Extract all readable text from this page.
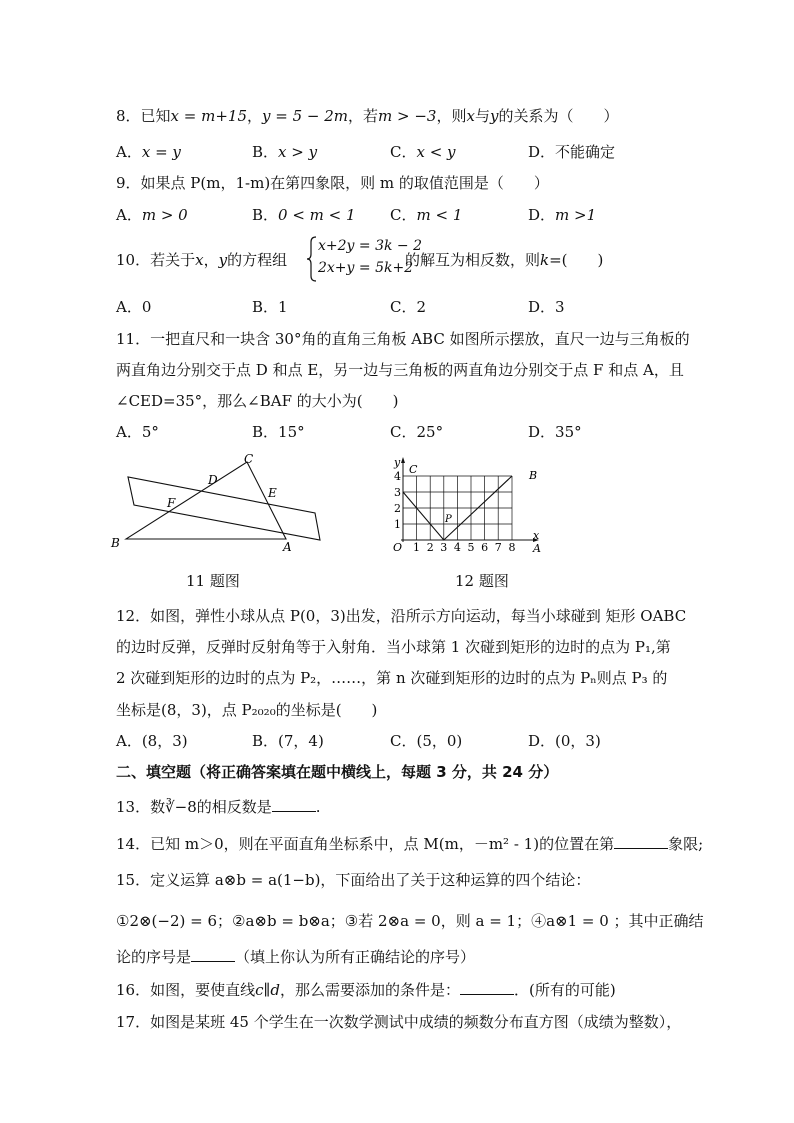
8．已知x = m+15，y = 5 − 2m，若m > −3，则x与y的关系为（　　）
A．x = y	B．x > y	C．x < y	D．不能确定
9．如果点 P(m，1-m)在第四象限，则 m 的取值范围是（　　）
A．m > 0	B．0 < m < 1 C．m < 1	D．m >1
10．若关于x，y的方程组
x+2y = 3k − 2
2x+y = 5k+2
的解互为相反数，则k=(　　)
A．0	B．1	C．2	D．3
11．一把直尺和一块含 30°角的直角三角板 ABC 如图所示摆放，直尺一边与三角板的
两直角边分别交于点 D 和点 E，另一边与三角板的两直角边分别交于点 F 和点 A，且
∠CED=35°，那么∠BAF 的大小为(　　)
A．5°	B．15°	C．25°	D．35°
C
D
E
F
B	A
11 题图
y
x
4
3
2
1
O 1 2 3 4 5 6 7 8
C	B
P
A
12 题图
12．如图，弹性小球从点 P(0，3)出发，沿所示方向运动，每当小球碰到 矩形 OABC
的边时反弹，反弹时反射角等于入射角．当小球第 1 次碰到矩形的边时的点为 P₁,第
2 次碰到矩形的边时的点为 P₂，……，第 n 次碰到矩形的边时的点为 Pₙ则点 P₃ 的
坐标是(8，3)，点 P₂₀₂₀的坐标是(　　)
A．(8，3)	B．(7，4)	C．(5，0)	D．(0，3)
二、填空题（将正确答案填在题中横线上，每题 3 分，共 24 分）
13．数∛−8的相反数是	.
14．已知 m＞0，则在平面直角坐标系中，点 M(m，－m² - 1)的位置在第	象限;
15．定义运算 a⊗b = a(1−b)，下面给出了关于这种运算的四个结论：
①2⊗(−2) = 6；②a⊗b = b⊗a；③若 2⊗a = 0，则 a = 1；④a⊗1 = 0 ；其中正确结
论的序号是	（填上你认为所有正确结论的序号）
16．如图，要使直线c∥d，那么需要添加的条件是：	．(所有的可能)
17．如图是某班 45 个学生在一次数学测试中成绩的频数分布直方图（成绩为整数），
